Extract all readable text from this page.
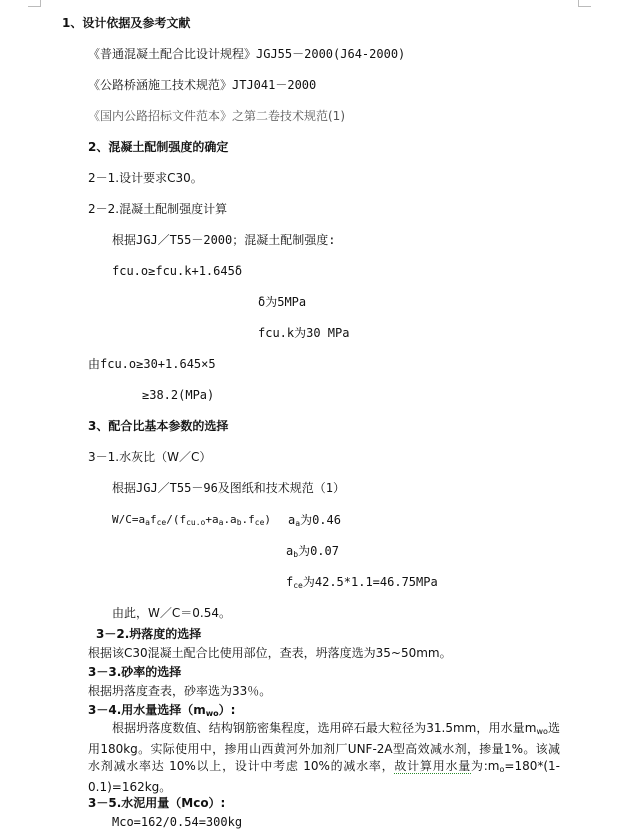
1、设计依据及参考文献
《普通混凝土配合比设计规程》JGJ55－2000(J64-2000)
《公路桥涵施工技术规范》JTJ041－2000
《国内公路招标文件范本》之第二卷技术规范(1)
2、混凝土配制强度的确定
2－1.设计要求C30。
2－2.混凝土配制强度计算
根据JGJ／T55－2000；混凝土配制强度:
fcu.o≥fcu.k+1.645δ
δ为5MPa
fcu.k为30 MPa
由fcu.o≥30+1.645×5
≥38.2(MPa)
3、配合比基本参数的选择
3－1.水灰比（W／C）
根据JGJ／T55－96及图纸和技术规范（1）
$W/C=a_af_{ce}/(f_{cu.o}+a_a.a_b.f_{ce})$ $a_a$为0.46
$a_b$为0.07
$f_{ce}$为42.5*1.1=46.75MPa
由此，W／C＝0.54。
3－2.坍落度的选择
根据该C30混凝土配合比使用部位，查表，坍落度选为35~50mm。
3－3.砂率的选择
根据坍落度查表，砂率选为33％。
3－4.用水量选择$(m_{wo})$:
根据坍落度数值、结构钢筋密集程度，选用碎石最大粒径为31.5mm，用水量$m_{wo}$选用180kg。实际使用中，掺用山西黄河外加剂厂UNF-2A型高效减水剂，掺量1%。该减水剂减水率达 10%以上，设计中考虑 10%的减水率，故计算用水量为$:m_o=180*(1-0.1)=162kg$。
3－5.水泥用量（Mco）:
Mco=162/0.54=300kg
